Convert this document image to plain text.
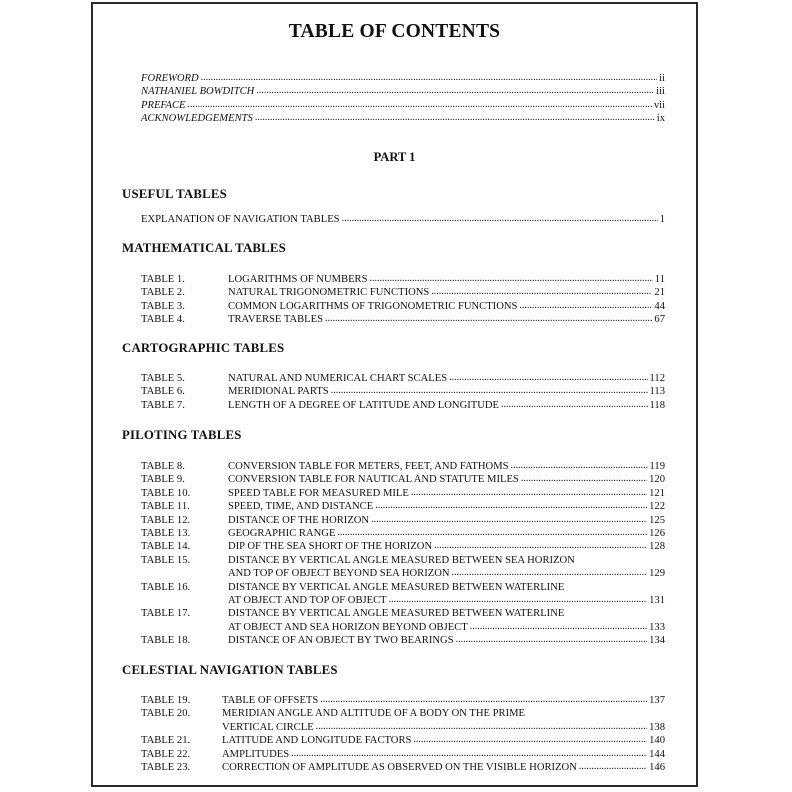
TABLE OF CONTENTS
FOREWORD .....	ii
NATHANIEL BOWDITCH .....	iii
PREFACE .....	vii
ACKNOWLEDGEMENTS .....	ix
PART 1
USEFUL TABLES
EXPLANATION OF NAVIGATION TABLES .....	1
MATHEMATICAL TABLES
TABLE 1.	LOGARITHMS OF NUMBERS .....	11
TABLE 2.	NATURAL TRIGONOMETRIC FUNCTIONS .....	21
TABLE 3.	COMMON LOGARITHMS OF TRIGONOMETRIC FUNCTIONS .....	44
TABLE 4.	TRAVERSE TABLES .....	67
CARTOGRAPHIC TABLES
TABLE 5.	NATURAL AND NUMERICAL CHART SCALES .....	112
TABLE 6.	MERIDIONAL PARTS .....	113
TABLE 7.	LENGTH OF A DEGREE OF LATITUDE AND LONGITUDE .....	118
PILOTING TABLES
TABLE 8.	CONVERSION TABLE FOR METERS, FEET, AND FATHOMS .....	119
TABLE 9.	CONVERSION TABLE FOR NAUTICAL AND STATUTE MILES .....	120
TABLE 10.	SPEED TABLE FOR MEASURED MILE .....	121
TABLE 11.	SPEED, TIME, AND DISTANCE .....	122
TABLE 12.	DISTANCE OF THE HORIZON .....	125
TABLE 13.	GEOGRAPHIC RANGE .....	126
TABLE 14.	DIP OF THE SEA SHORT OF THE HORIZON .....	128
TABLE 15.	DISTANCE BY VERTICAL ANGLE MEASURED BETWEEN SEA HORIZON
AND TOP OF OBJECT BEYOND SEA HORIZON .....	129
TABLE 16.	DISTANCE BY VERTICAL ANGLE MEASURED BETWEEN WATERLINE
AT OBJECT AND TOP OF OBJECT .....	131
TABLE 17.	DISTANCE BY VERTICAL ANGLE MEASURED BETWEEN WATERLINE
AT OBJECT AND SEA HORIZON BEYOND OBJECT .....	133
TABLE 18.	DISTANCE OF AN OBJECT BY TWO BEARINGS .....	134
CELESTIAL NAVIGATION TABLES
TABLE 19.	TABLE OF OFFSETS .....	137
TABLE 20.	MERIDIAN ANGLE AND ALTITUDE OF A BODY ON THE PRIME
VERTICAL CIRCLE .....	138
TABLE 21.	LATITUDE AND LONGITUDE FACTORS .....	140
TABLE 22.	AMPLITUDES .....	144
TABLE 23.	CORRECTION OF AMPLITUDE AS OBSERVED ON THE VISIBLE HORIZON .....	146
